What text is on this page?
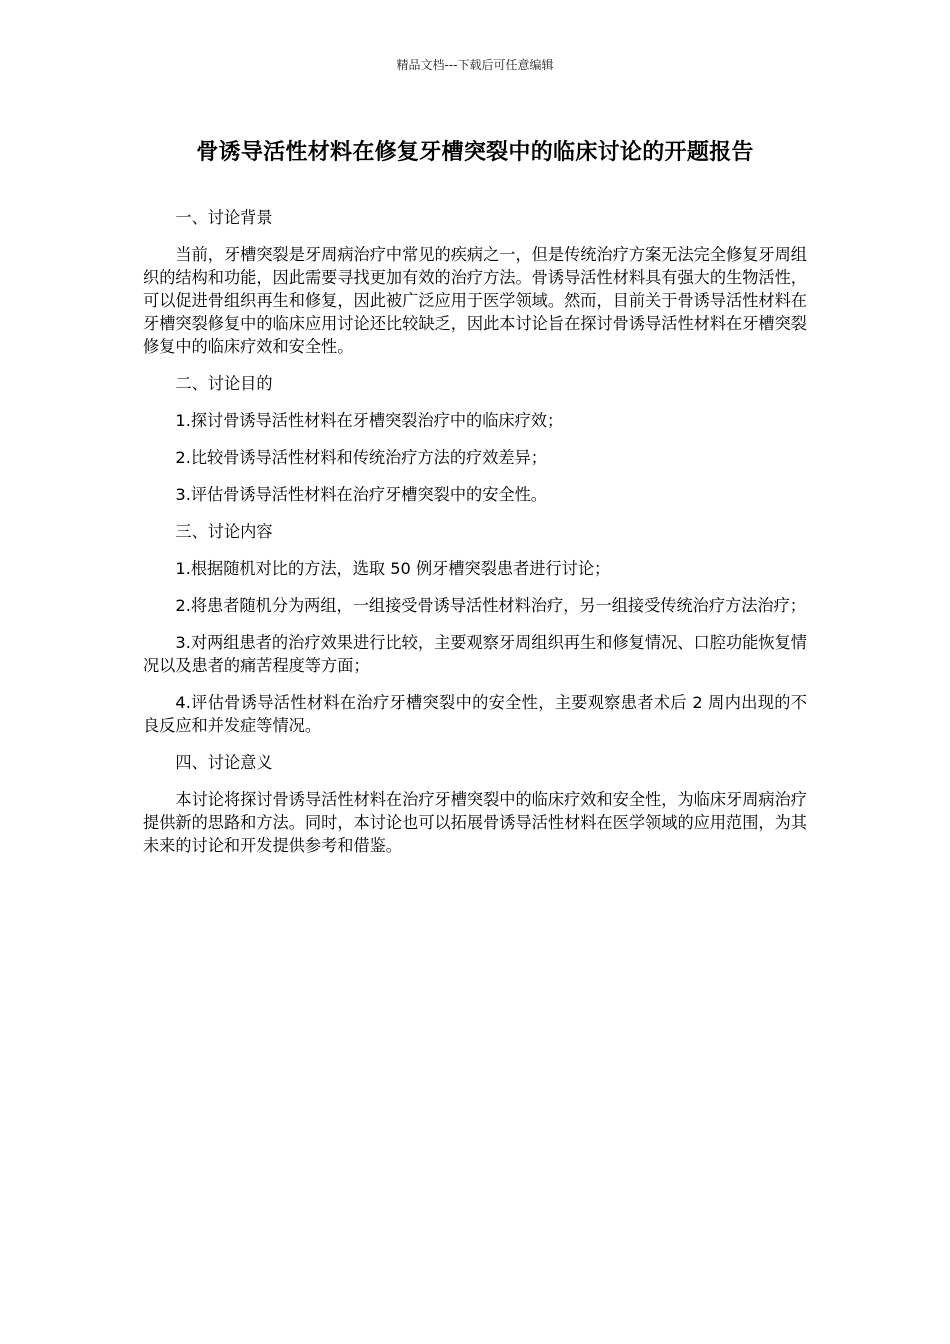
精品文档---下载后可任意编辑
骨诱导活性材料在修复牙槽突裂中的临床讨论的开题报告

一、讨论背景

当前，牙槽突裂是牙周病治疗中常见的疾病之一，但是传统治疗方案无法完全修复牙周组织的结构和功能，因此需要寻找更加有效的治疗方法。骨诱导活性材料具有强大的生物活性，可以促进骨组织再生和修复，因此被广泛应用于医学领域。然而，目前关于骨诱导活性材料在牙槽突裂修复中的临床应用讨论还比较缺乏，因此本讨论旨在探讨骨诱导活性材料在牙槽突裂修复中的临床疗效和安全性。

二、讨论目的

1.探讨骨诱导活性材料在牙槽突裂治疗中的临床疗效；

2.比较骨诱导活性材料和传统治疗方法的疗效差异；

3.评估骨诱导活性材料在治疗牙槽突裂中的安全性。

三、讨论内容

1.根据随机对比的方法，选取 50 例牙槽突裂患者进行讨论；

2.将患者随机分为两组，一组接受骨诱导活性材料治疗，另一组接受传统治疗方法治疗；

3.对两组患者的治疗效果进行比较，主要观察牙周组织再生和修复情况、口腔功能恢复情况以及患者的痛苦程度等方面；

4.评估骨诱导活性材料在治疗牙槽突裂中的安全性，主要观察患者术后 2 周内出现的不良反应和并发症等情况。

四、讨论意义

本讨论将探讨骨诱导活性材料在治疗牙槽突裂中的临床疗效和安全性，为临床牙周病治疗提供新的思路和方法。同时，本讨论也可以拓展骨诱导活性材料在医学领域的应用范围，为其未来的讨论和开发提供参考和借鉴。
